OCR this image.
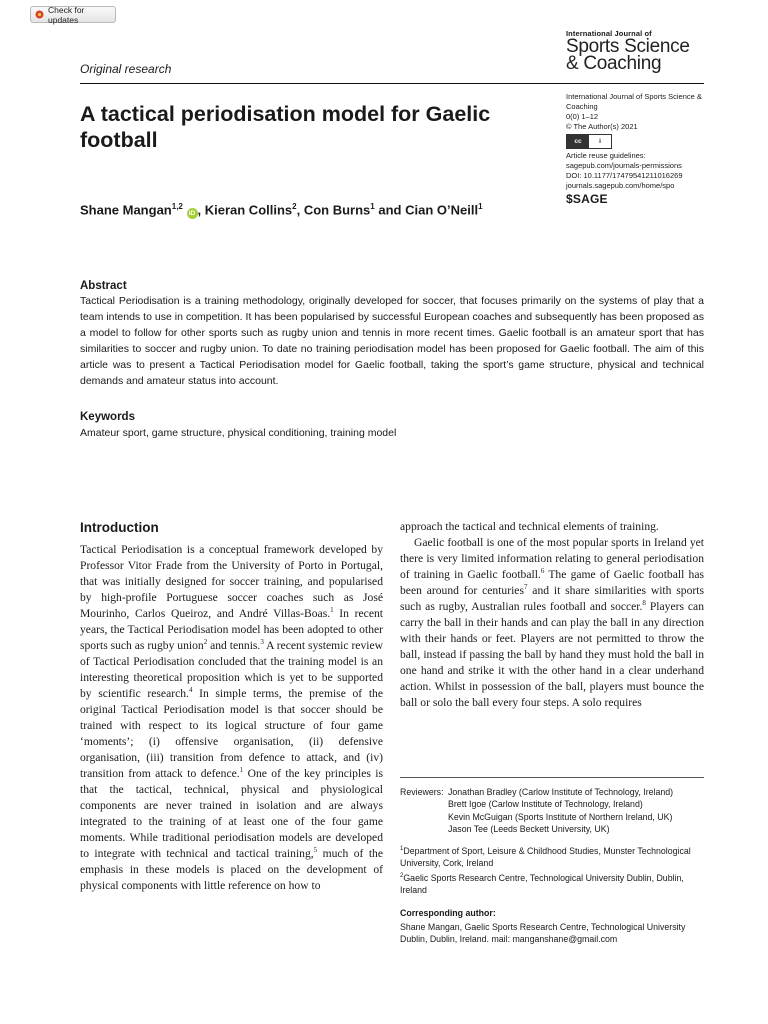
Check for updates
Original research
International Journal of
Sports Science
& Coaching
A tactical periodisation model for Gaelic football
Shane Mangan$^{1,2}$ iD , Kieran Collins$^2$, Con Burns$^1$ and Cian O’Neill$^1$
International Journal of Sports Science & Coaching
0(0) 1–12
© The Author(s) 2021
cc	i
Article reuse guidelines:
sagepub.com/journals-permissions
DOI: 10.1177/17479541211016269
journals.sagepub.com/home/spo
$SAGE
Abstract
Tactical Periodisation is a training methodology, originally developed for soccer, that focuses primarily on the systems of play that a team intends to use in competition. It has been popularised by successful European coaches and subsequently has been proposed as a model to follow for other sports such as rugby union and tennis in more recent times. Gaelic football is an amateur sport that has similarities to soccer and rugby union. To date no training periodisation model has been proposed for Gaelic football. The aim of this article was to present a Tactical Periodisation model for Gaelic football, taking the sport’s game structure, physical and technical demands and amateur status into account.
Keywords
Amateur sport, game structure, physical conditioning, training model
Introduction

Tactical Periodisation is a conceptual framework developed by Professor Vitor Frade from the University of Porto in Portugal, that was initially designed for soccer training, and popularised by high-profile Portuguese soccer coaches such as José Mourinho, Carlos Queiroz, and André Villas-Boas.$^1$ In recent years, the Tactical Periodisation model has been adopted to other sports such as rugby union$^2$ and tennis.$^3$ A recent systemic review of Tactical Periodisation concluded that the training model is an interesting theoretical proposition which is yet to be supported by scientific research.$^4$ In simple terms, the premise of the original Tactical Periodisation model is that soccer should be trained with respect to its logical structure of four game ‘moments’; (i) offensive organisation, (ii) defensive organisation, (iii) transition from defence to attack, and (iv) transition from attack to defence.$^1$ One of the key principles is that the tactical, technical, physical and physiological components are never trained in isolation and are always integrated to the training of at least one of the four game moments. While traditional periodisation models are developed to integrate with technical and tactical training,$^5$ much of the emphasis in these models is placed on the development of physical components with little reference on how to

approach the tactical and technical elements of training.

Gaelic football is one of the most popular sports in Ireland yet there is very limited information relating to general periodisation of training in Gaelic football.$^6$ The game of Gaelic football has been around for centuries$^7$ and it share similarities with sports such as rugby, Australian rules football and soccer.$^8$ Players can carry the ball in their hands and can play the ball in any direction with their hands or feet. Players are not permitted to throw the ball, instead if passing the ball by hand they must hold the ball in one hand and strike it with the other hand in a clear underhand action. Whilst in possession of the ball, players must bounce the ball or solo the ball every four steps. A solo requires

Reviewers: Jonathan Bradley (Carlow Institute of Technology, Ireland)
Brett Igoe (Carlow Institute of Technology, Ireland)
Kevin McGuigan (Sports Institute of Northern Ireland, UK)
Jason Tee (Leeds Beckett University, UK)
$^1$Department of Sport, Leisure & Childhood Studies, Munster Technological University, Cork, Ireland
$^2$Gaelic Sports Research Centre, Technological University Dublin, Dublin, Ireland
Corresponding author:
Shane Mangan, Gaelic Sports Research Centre, Technological University Dublin, Dublin, Ireland. mail: manganshane@gmail.com
